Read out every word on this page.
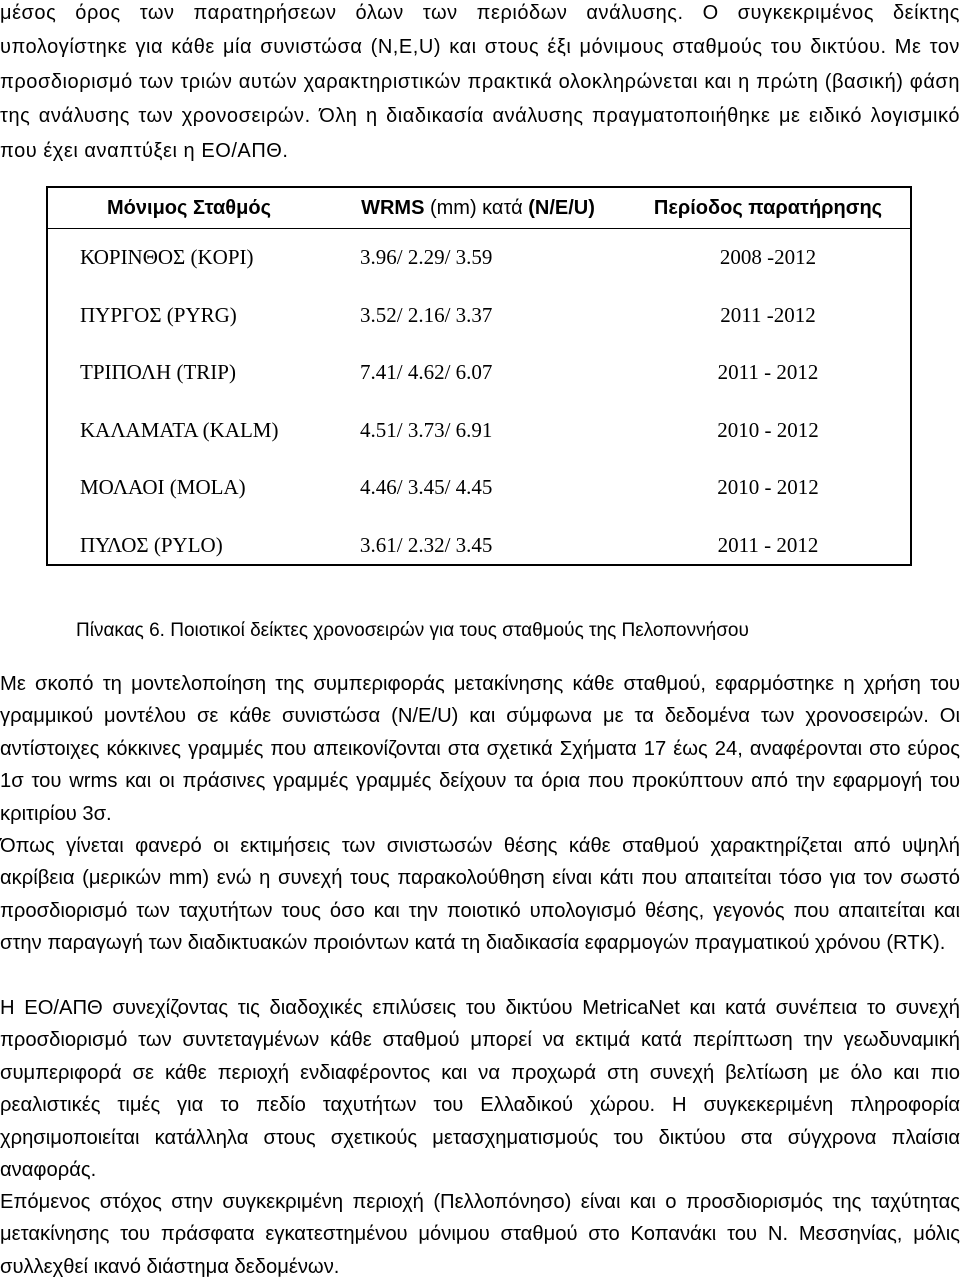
μέσος όρος των παρατηρήσεων όλων των περιόδων ανάλυσης. Ο συγκεκριμένος δείκτης υπολογίστηκε για κάθε μία συνιστώσα (N,E,U) και στους έξι μόνιμους σταθμούς του δικτύου. Με τον προσδιορισμό των τριών αυτών χαρακτηριστικών πρακτικά ολοκληρώνεται και η πρώτη (βασική) φάση της ανάλυσης των χρονοσειρών. Όλη η διαδικασία ανάλυσης πραγματοποιήθηκε με ειδικό λογισμικό που έχει αναπτύξει η ΕΟ/ΑΠΘ.

Μόνιμος Σταθμός	WRMS (mm) κατά (N/E/U)	Περίοδος παρατήρησης
ΚΟΡΙΝΘΟΣ (KOPI)	3.96/ 2.29/ 3.59	2008 -2012
ΠΥΡΓΟΣ (PYRG)	3.52/ 2.16/ 3.37	2011 -2012
ΤΡΙΠΟΛΗ (TRIP)	7.41/ 4.62/ 6.07	2011 - 2012
ΚΑΛΑΜΑΤΑ (KALM)	4.51/ 3.73/ 6.91	2010 - 2012
ΜΟΛΑΟΙ (MOLA)	4.46/ 3.45/ 4.45	2010 - 2012
ΠΥΛΟΣ (PYLO)	3.61/ 2.32/ 3.45	2011 - 2012

Πίνακας 6. Ποιοτικοί δείκτες χρονοσειρών για τους σταθμούς της Πελοποννήσου

Με σκοπό τη μοντελοποίηση της συμπεριφοράς μετακίνησης κάθε σταθμού, εφαρμόστηκε η χρήση του γραμμικού μοντέλου σε κάθε συνιστώσα (N/E/U) και σύμφωνα με τα δεδομένα των χρονοσειρών. Οι αντίστοιχες κόκκινες γραμμές που απεικονίζονται στα σχετικά Σχήματα 17 έως 24, αναφέρονται στο εύρος 1σ του wrms και οι πράσινες γραμμές γραμμές δείχουν τα όρια που προκύπτουν από την εφαρμογή του κριτιρίου 3σ.

Όπως γίνεται φανερό οι εκτιμήσεις των σινιστωσών θέσης κάθε σταθμού χαρακτηρίζεται από υψηλή ακρίβεια (μερικών mm) ενώ η συνεχή τους παρακολούθηση είναι κάτι που απαιτείται τόσο για τον σωστό προσδιορισμό των ταχυτήτων τους όσο και την ποιοτικό υπολογισμό θέσης, γεγονός που απαιτείται και στην παραγωγή των διαδικτυακών προιόντων κατά τη διαδικασία εφαρμογών πραγματικού χρόνου (RTK).

Η ΕΟ/ΑΠΘ συνεχίζοντας τις διαδοχικές επιλύσεις του δικτύου MetricaNet και κατά συνέπεια το συνεχή προσδιορισμό των συντεταγμένων κάθε σταθμού μπορεί να εκτιμά κατά περίπτωση την γεωδυναμική συμπεριφορά σε κάθε περιοχή ενδιαφέροντος και να προχωρά στη συνεχή βελτίωση με όλο και πιο ρεαλιστικές τιμές για το πεδίο ταχυτήτων του Ελλαδικού χώρου. Η συγκεκεριμένη πληροφορία χρησιμοποιείται κατάλληλα στους σχετικούς μετασχηματισμούς του δικτύου στα σύγχρονα πλαίσια αναφοράς.

Επόμενος στόχος στην συγκεκριμένη περιοχή (Πελλοπόνησο) είναι και ο προσδιορισμός της ταχύτητας μετακίνησης του πράσφατα εγκατεστημένου μόνιμου σταθμού στο Κοπανάκι του Ν. Μεσσηνίας, μόλις συλλεχθεί ικανό διάστημα δεδομένων.
